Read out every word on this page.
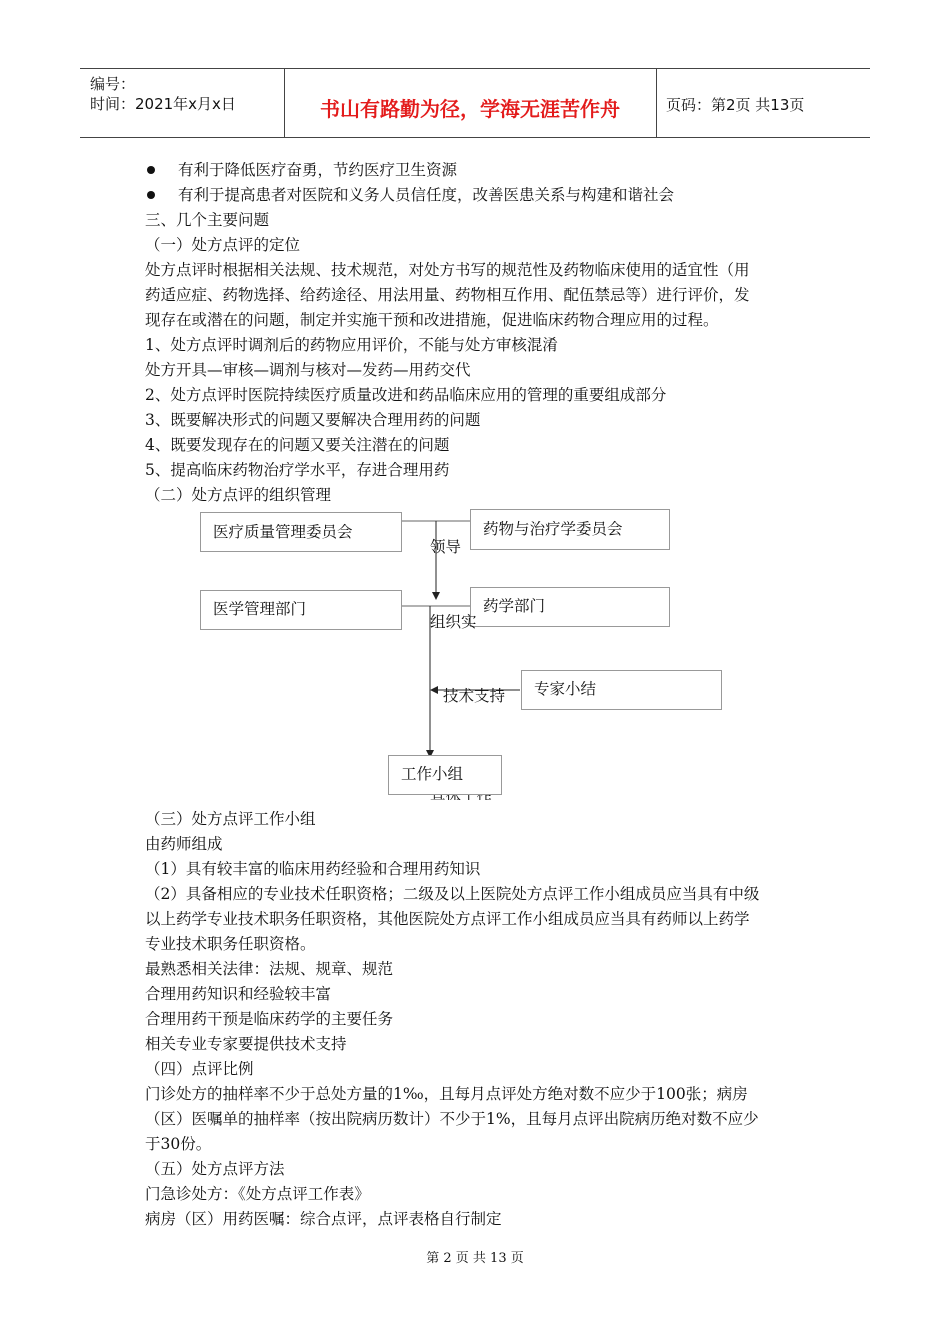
编号：
时间：2021年x月x日	书山有路勤为径，学海无涯苦作舟	页码：第2页 共13页
有利于降低医疗奋勇，节约医疗卫生资源
有利于提高患者对医院和义务人员信任度，改善医患关系与构建和谐社会
三、几个主要问题
（一）处方点评的定位
处方点评时根据相关法规、技术规范，对处方书写的规范性及药物临床使用的适宜性（用
药适应症、药物选择、给药途径、用法用量、药物相互作用、配伍禁忌等）进行评价，发
现存在或潜在的问题，制定并实施干预和改进措施，促进临床药物合理应用的过程。
1、处方点评时调剂后的药物应用评价，不能与处方审核混淆
处方开具—审核—调剂与核对—发药—用药交代
2、处方点评时医院持续医疗质量改进和药品临床应用的管理的重要组成部分
3、既要解决形式的问题又要解决合理用药的问题
4、既要发现存在的问题又要关注潜在的问题
5、提高临床药物治疗学水平，存进合理用药
（二）处方点评的组织管理
医疗质量管理委员会	药物与治疗学委员会
领导
医学管理部门	药学部门
组织实
技术支持	专家小结
工作小组
（三）处方点评工作小组
由药师组成
（1）具有较丰富的临床用药经验和合理用药知识
（2）具备相应的专业技术任职资格；二级及以上医院处方点评工作小组成员应当具有中级
以上药学专业技术职务任职资格，其他医院处方点评工作小组成员应当具有药师以上药学
专业技术职务任职资格。
最熟悉相关法律：法规、规章、规范
合理用药知识和经验较丰富
合理用药干预是临床药学的主要任务
相关专业专家要提供技术支持
（四）点评比例
门诊处方的抽样率不少于总处方量的1‰，且每月点评处方绝对数不应少于100张；病房
（区）医嘱单的抽样率（按出院病历数计）不少于1%，且每月点评出院病历绝对数不应少
于30份。
（五）处方点评方法
门急诊处方：《处方点评工作表》
病房（区）用药医嘱：综合点评，点评表格自行制定
第 2 页 共 13 页
